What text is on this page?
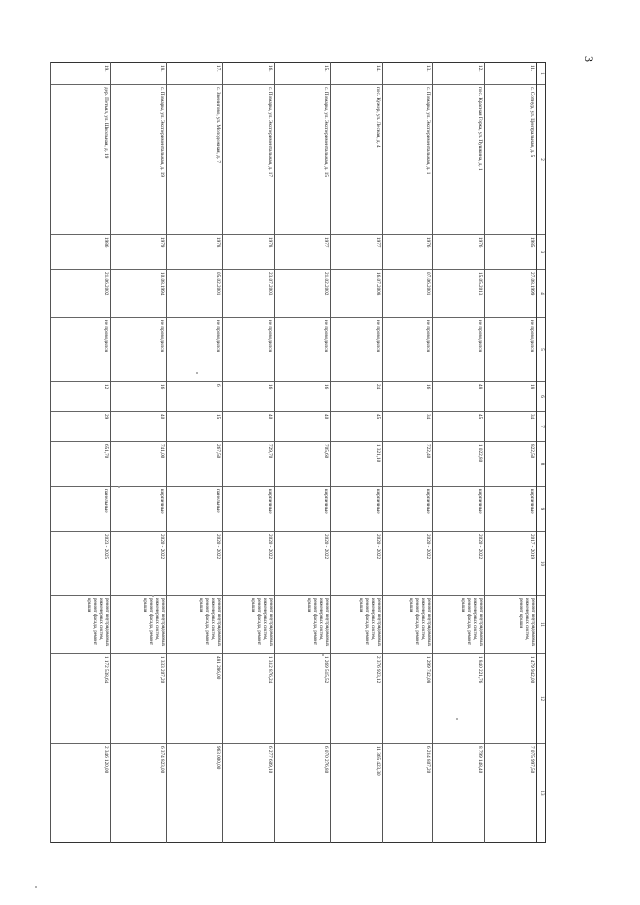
3
1	2	3	4	5	6	7	8	9	10	11	12	13
11.	с. Сотнур, ул. Центральная, д. 5	1985	27.08.1999	не проводился	18	34	822,50	кирпичные	2017 - 2019	ремонт внутридомовых инженерных систем, ремонт крыши	1 479 942,00	7 075 997,50
12.	пос. Красная Горка, ул. Пушкина, д. 1	1976	15.05.2013	не проводился	48	45	1 022,80	кирпичные	2020 - 2022	ремонт внутридомовых инженерных систем, ремонт фасада, ремонт крыши	1 840 221,76	8 799 148,40
13.	с. Помары, ул. Экспериментальная, д. 1	1976	07.06.2001	не проводился	16	34	722,40	кирпичные	2020 - 2022	ремонт внутридомовых инженерных систем, ремонт фасада, ремонт крыши	1 299 742,08	6 214 807,20
14.	пос. Кужер, ул. Лесная, д. 4	1977	16.07.2008	не проводился	24	45	1 321,10	кирпичные	2020 - 2022	ремонт внутридомовых инженерных систем, ремонт фасада, ремонт крыши	2 376 923,12	11 365 423,30
15.	с. Помары, ул. Экспериментальная, д. 15	1977	21.02.2002	не проводился	16	40	705,60	кирпичные	2020 - 2022	ремонт внутридомовых инженерных систем, ремонт фасада, ремонт крыши	1 269 515,52	6 070 276,80
16.	с. Помары, ул. Экспериментальная, д. 17	1978	23.07.2003	не проводился	16	40	729,70	кирпичные	2020 - 2022	ремонт внутридомовых инженерных систем, ремонт фасада, ремонт крыши	1 312 876,24	6 277 609,10
17.	с. Звенигово, ул. Молодежная, д. 7	1978	05.02.2001	не проводился	6	15	267,50	панельные	2020 - 2022	ремонт внутридомовых инженерных систем, ремонт фасада, ремонт крыши	481 286,00	963 000,00
18.	с. Помары, ул. Экспериментальная, д. 19	1979	10.08.1994	не проводился	16	40	741,00	кирпичные	2020 - 2022	ремонт внутридомовых инженерных систем, ремонт фасада, ремонт крыши	1 333 207,20	6 374 823,00
19.	дер. Петьял, ул. Школьная, д. 19	1986	21.06.2002	не проводился	12	29	651,70	панельные	2023 - 2025	ремонт внутридомовых инженерных систем, ремонт фасада, ремонт крыши	1 172 538,64	2 346 120,00
